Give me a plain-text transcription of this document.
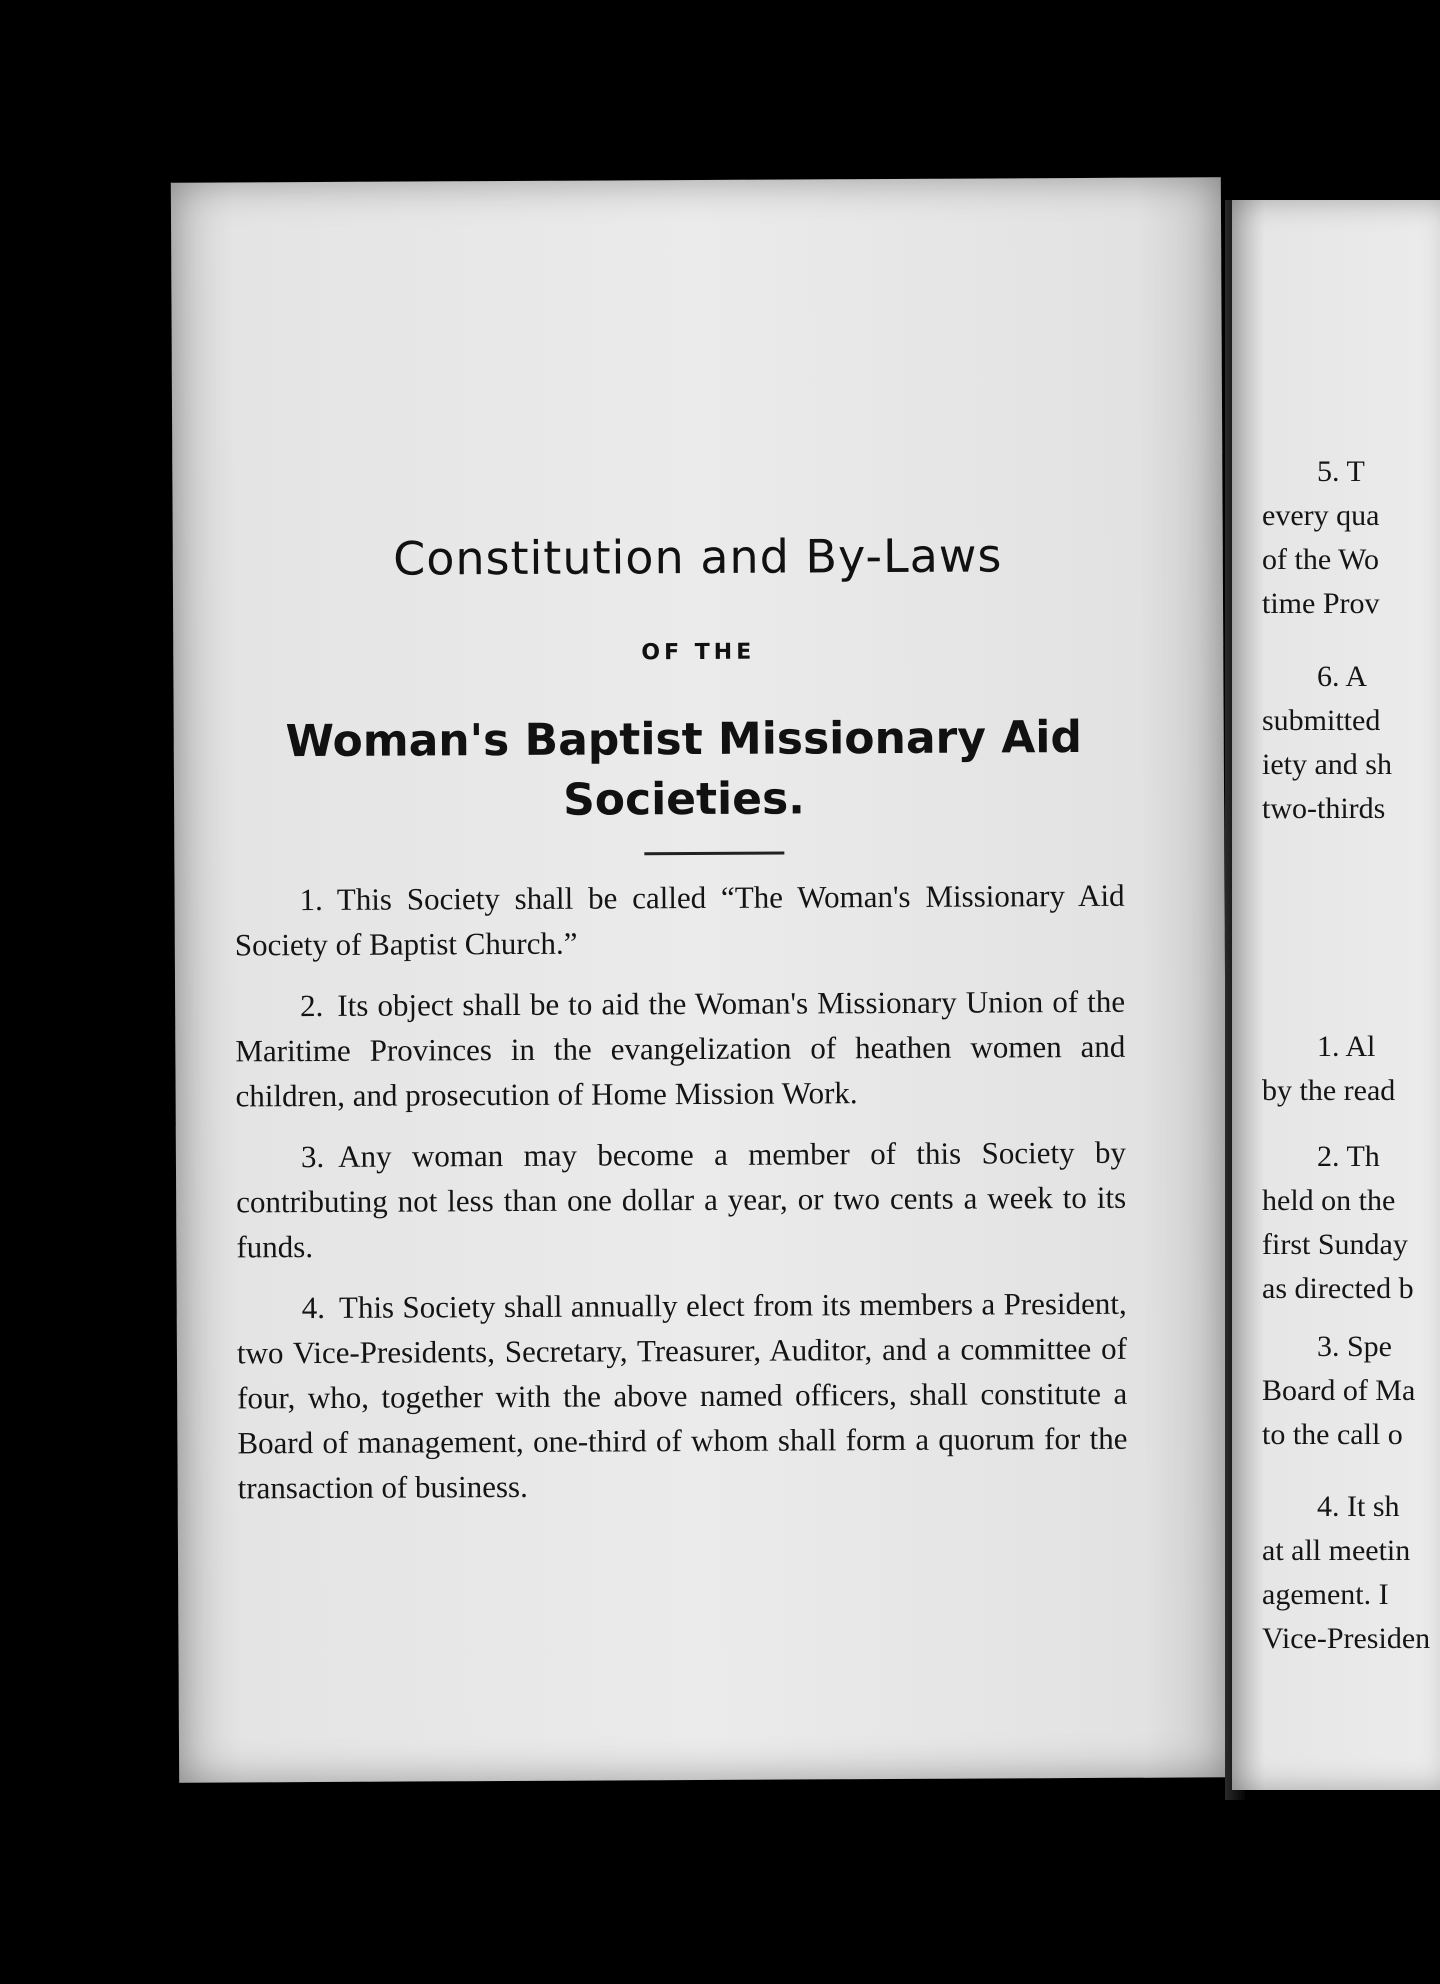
Constitution and By-Laws
OF THE
Woman's Baptist Missionary Aid Societies.

1. This Society shall be called “The Woman's Missionary Aid Society of Baptist Church.”

2. Its object shall be to aid the Woman's Missionary Union of the Maritime Provinces in the evangelization of heathen women and children, and prosecution of Home Mission Work.

3. Any woman may become a member of this Society by contributing not less than one dollar a year, or two cents a week to its funds.

4. This Society shall annually elect from its members a President, two Vice-Presidents, Secretary, Treasurer, Auditor, and a committee of four, who, together with the above named officers, shall constitute a Board of management, one-third of whom shall form a quorum for the transaction of business.

5. T
every qua
of the Wo
time Prov
6. A
submitted
iety and sh
two-thirds
1. Al
by the read
2. Th
held on the
first Sunday
as directed b
3. Spe
Board of Ma
to the call o
4. It sh
at all meetin
agement. I
Vice-Presiden
